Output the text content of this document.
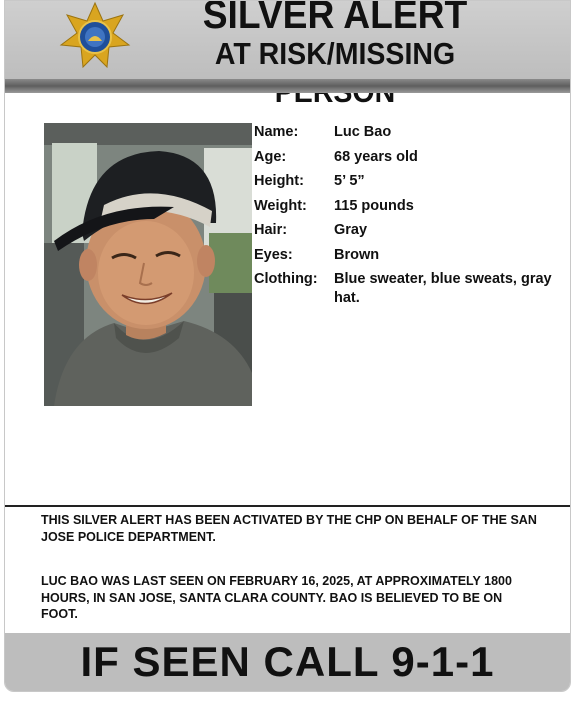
SILVER ALERT
AT RISK/MISSING
Name:	Luc Bao
Age:	68 years old
Height:	5’ 5”
Weight:	115 pounds
Hair:	Gray
Eyes:	Brown
Clothing:	Blue sweater, blue sweats, gray hat.
THIS SILVER ALERT HAS BEEN ACTIVATED BY THE CHP ON BEHALF OF THE SAN JOSE POLICE DEPARTMENT.
LUC BAO WAS LAST SEEN ON FEBRUARY 16, 2025, AT APPROXIMATELY 1800 HOURS, IN SAN JOSE, SANTA CLARA COUNTY. BAO IS BELIEVED TO BE ON FOOT.
IF SEEN CALL 9-1-1
